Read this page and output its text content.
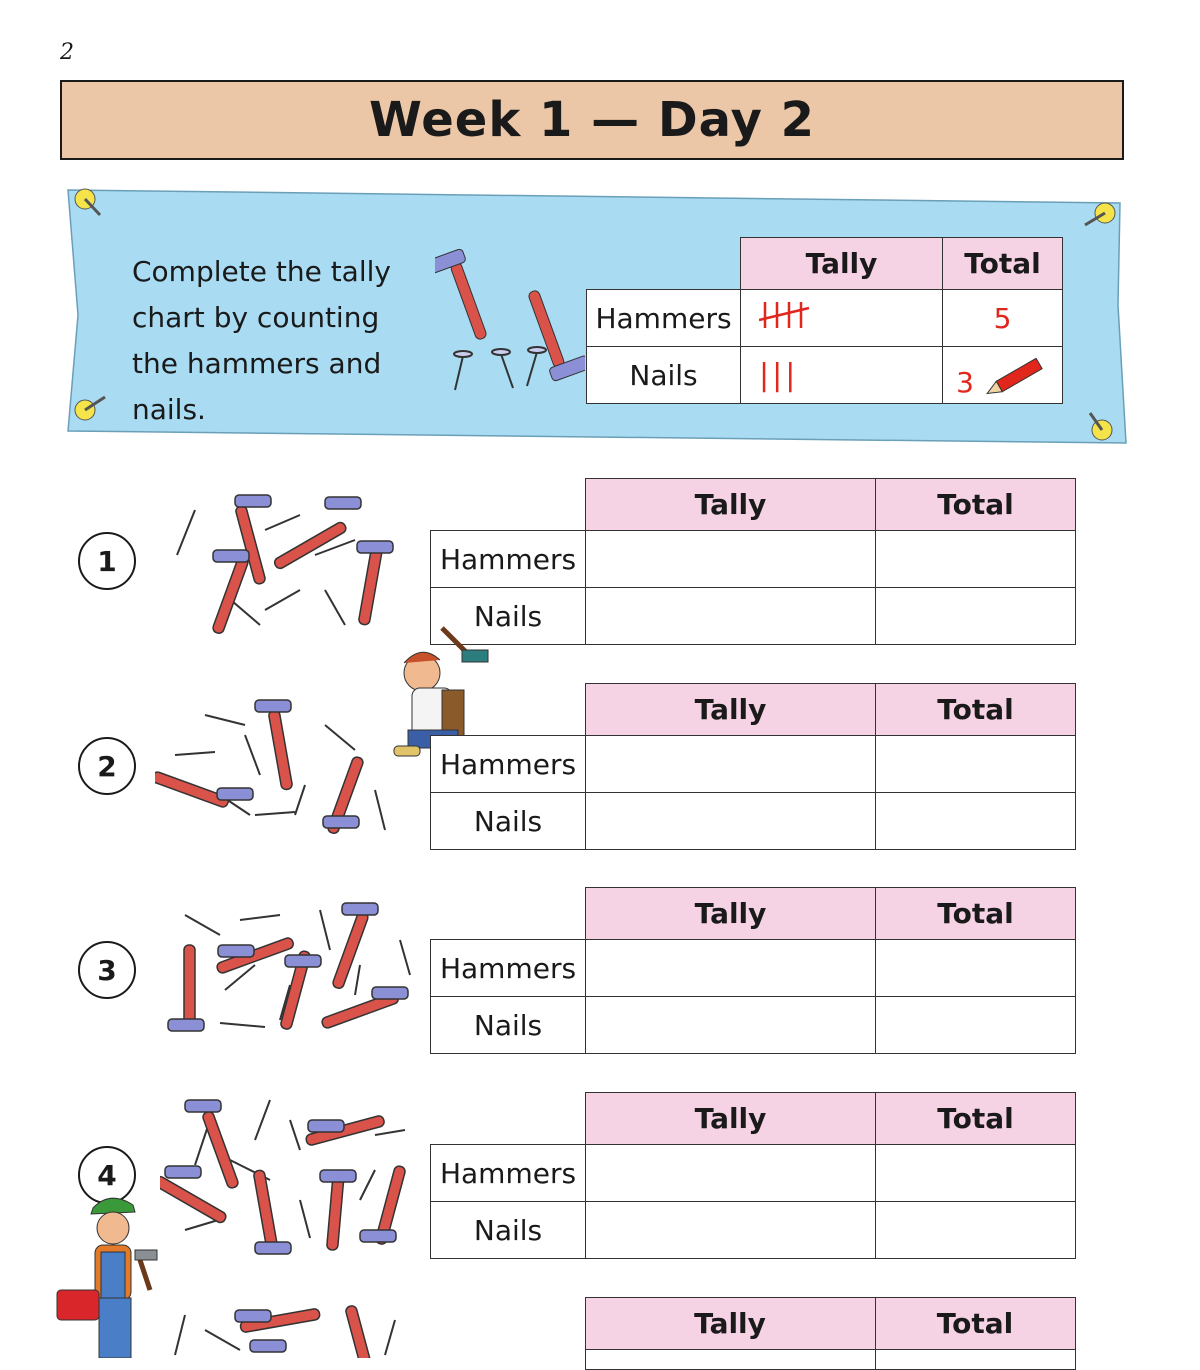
2
Week 1 — Day 2
Complete the tally chart by counting the hammers and nails.
	Tally	Total
Hammers		5
Nails	|||	3
1
	Tally	Total
Hammers		
Nails		
2
	Tally	Total
Hammers		
Nails		
3
	Tally	Total
Hammers		
Nails		
4
	Tally	Total
Hammers		
Nails		
	Tally	Total
